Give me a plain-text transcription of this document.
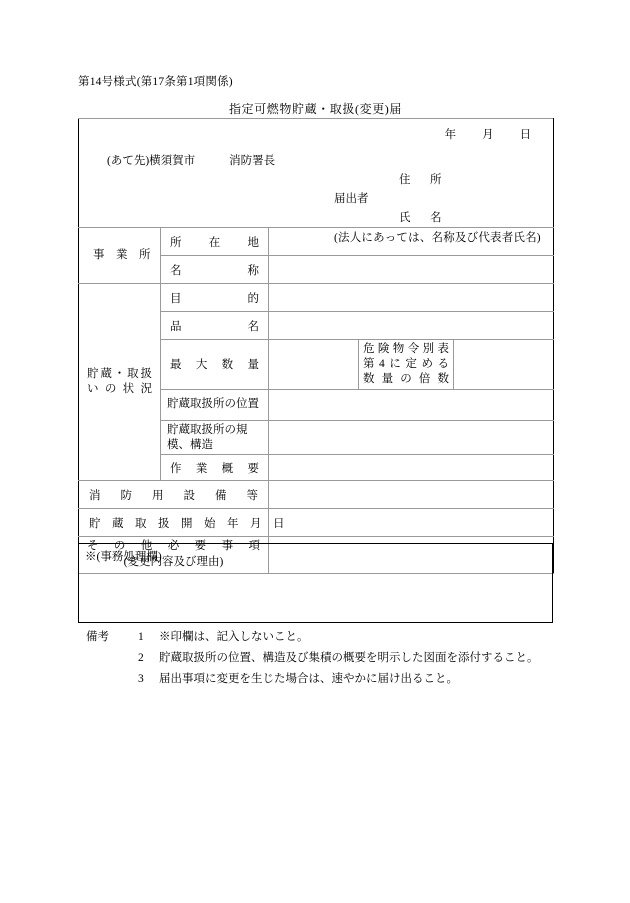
第14号様式(第17条第1項関係)
指定可燃物貯蔵・取扱(変更)届
年 月 日
(あて先)横須賀市	消防署長
届出者
住　所
氏　名
(法人にあっては、名称及び代表者氏名)

事　業　所	所　在　地			

	名　　称			

貯蔵・取扱
いの状況	目　　的			

	品　　名			

	最　大　数　量		危険物令別表
第4に定める
数量の倍数	

	貯蔵取扱所の位置			

	貯蔵取扱所の規模、構造			

	作　業　概　要			

消　防　用　設　備　等				

貯　蔵　取　扱　開　始　年　月　日				

そ　の　他　必　要　事　項
(変更内容及び理由)				

※(事務処理欄)
備考	1 ※印欄は、記入しないこと。
2 貯蔵取扱所の位置、構造及び集積の概要を明示した図面を添付すること。
3 届出事項に変更を生じた場合は、速やかに届け出ること。
